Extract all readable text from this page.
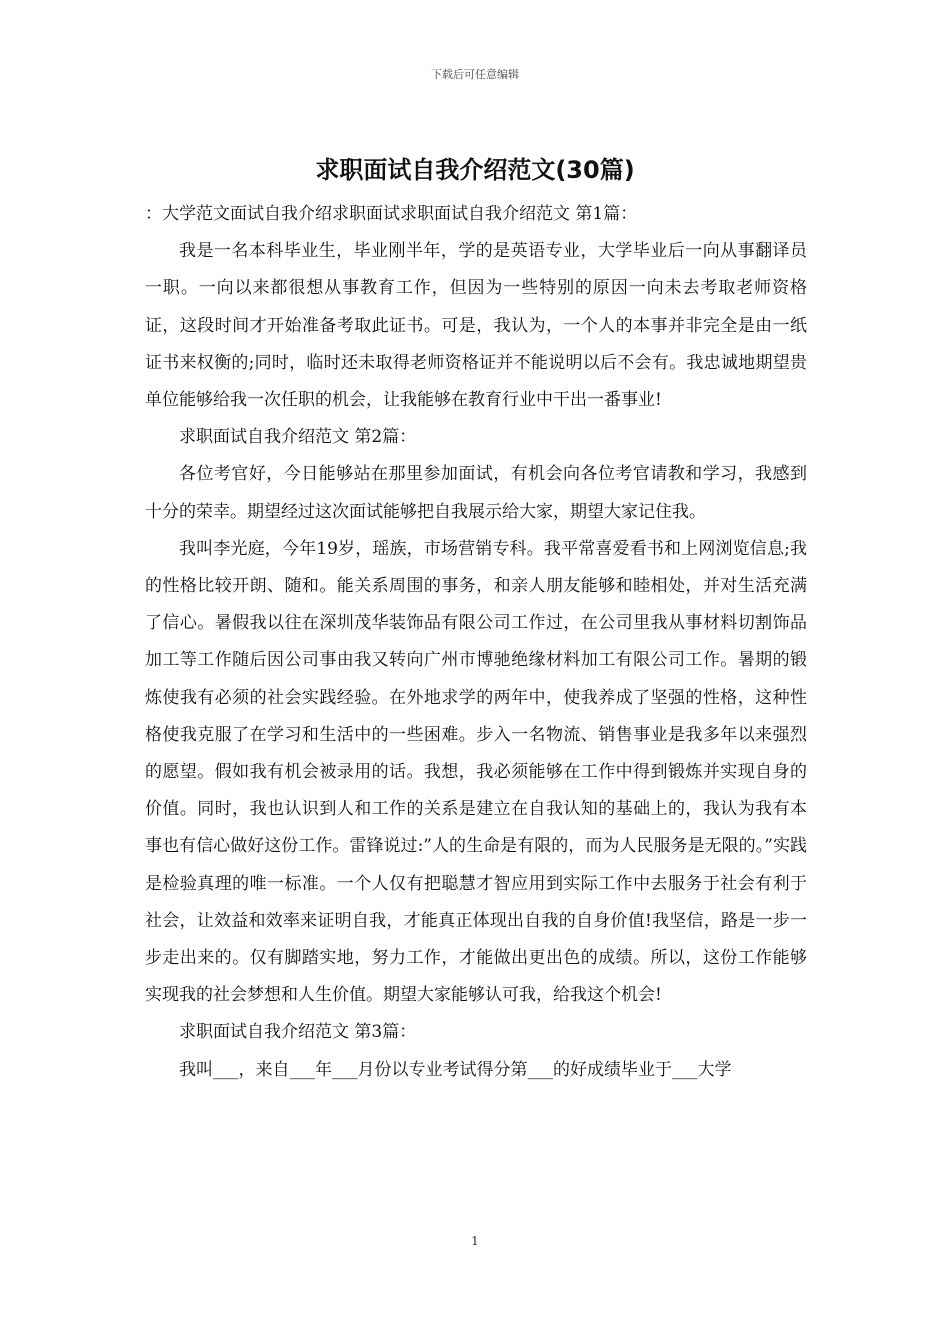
下载后可任意编辑
求职面试自我介绍范文(30篇)

：大学范文面试自我介绍求职面试求职面试自我介绍范文 第1篇：

我是一名本科毕业生，毕业刚半年，学的是英语专业，大学毕业后一向从事翻译员一职。一向以来都很想从事教育工作，但因为一些特别的原因一向未去考取老师资格证，这段时间才开始准备考取此证书。可是，我认为，一个人的本事并非完全是由一纸证书来权衡的;同时，临时还未取得老师资格证并不能说明以后不会有。我忠诚地期望贵单位能够给我一次任职的机会，让我能够在教育行业中干出一番事业!

求职面试自我介绍范文 第2篇：

各位考官好，今日能够站在那里参加面试，有机会向各位考官请教和学习，我感到十分的荣幸。期望经过这次面试能够把自我展示给大家，期望大家记住我。

我叫李光庭，今年19岁，瑶族，市场营销专科。我平常喜爱看书和上网浏览信息;我的性格比较开朗、随和。能关系周围的事务，和亲人朋友能够和睦相处，并对生活充满了信心。暑假我以往在深圳茂华装饰品有限公司工作过，在公司里我从事材料切割饰品加工等工作随后因公司事由我又转向广州市博驰绝缘材料加工有限公司工作。暑期的锻炼使我有必须的社会实践经验。在外地求学的两年中，使我养成了坚强的性格，这种性格使我克服了在学习和生活中的一些困难。步入一名物流、销售事业是我多年以来强烈的愿望。假如我有机会被录用的话。我想，我必须能够在工作中得到锻炼并实现自身的价值。同时，我也认识到人和工作的关系是建立在自我认知的基础上的，我认为我有本事也有信心做好这份工作。雷锋说过:”人的生命是有限的，而为人民服务是无限的。”实践是检验真理的唯一标准。一个人仅有把聪慧才智应用到实际工作中去服务于社会有利于社会，让效益和效率来证明自我，才能真正体现出自我的自身价值!我坚信，路是一步一步走出来的。仅有脚踏实地，努力工作，才能做出更出色的成绩。所以，这份工作能够实现我的社会梦想和人生价值。期望大家能够认可我，给我这个机会!

求职面试自我介绍范文 第3篇：

我叫___，来自___年___月份以专业考试得分第___的好成绩毕业于___大学

1
